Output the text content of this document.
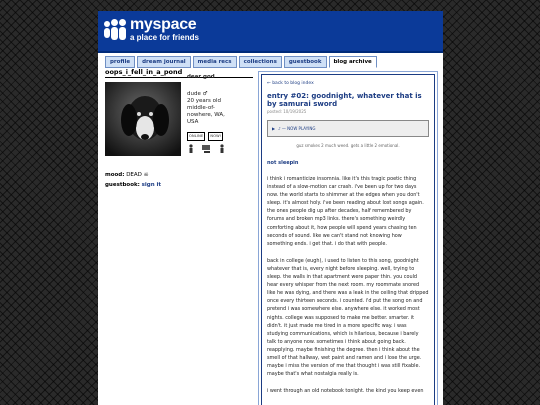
myspace
a place for friends
profile	dream journal	media recs	collections	guestbook	blog archive
oops_i_fell_in_a_pond
dear god
dude ♂
20 years old
middle-of-
nowhere, WA,
USA
ONLINE	NOW!
mood: DEAD ☠
guestbook: sign it
← back to blog index
entry #02: goodnight, whatever that is by samurai sword
posted: 10/19/2025
▶ ♪ — NOW PLAYING
guz smokes 2 much weed. gets a little 2 emotional.
not sleepin
i think i romanticize insomnia. like it's this tragic poetic thing instead of a slow-motion car crash. i've been up for two days now. the world starts to shimmer at the edges when you don't sleep. it's almost holy. i've been reading about lost songs again. the ones people dig up after decades, half remembered by forums and broken mp3 links. there's something weirdly comforting about it, how people will spend years chasing ten seconds of sound. like we can't stand not knowing how something ends. i get that. i do that with people.
back in college (eugh), i used to listen to this song, goodnight whatever that is, every night before sleeping. well, trying to sleep. the walls in that apartment were paper thin. you could hear every whisper from the next room. my roommate snored like he was dying, and there was a leak in the ceiling that dripped once every thirteen seconds. i counted. i'd put the song on and pretend i was somewhere else. anywhere else. it worked most nights. college was supposed to make me better. smarter. it didn't. it just made me tired in a more specific way. i was studying communications, which is hilarious, because i barely talk to anyone now. sometimes i think about going back. reapplying. maybe finishing the degree. then i think about the smell of that hallway, wet paint and ramen and i lose the urge. maybe i miss the version of me that thought i was still fixable. maybe that's what nostalgia really is.
i went through an old notebook tonight. the kind you keep even
